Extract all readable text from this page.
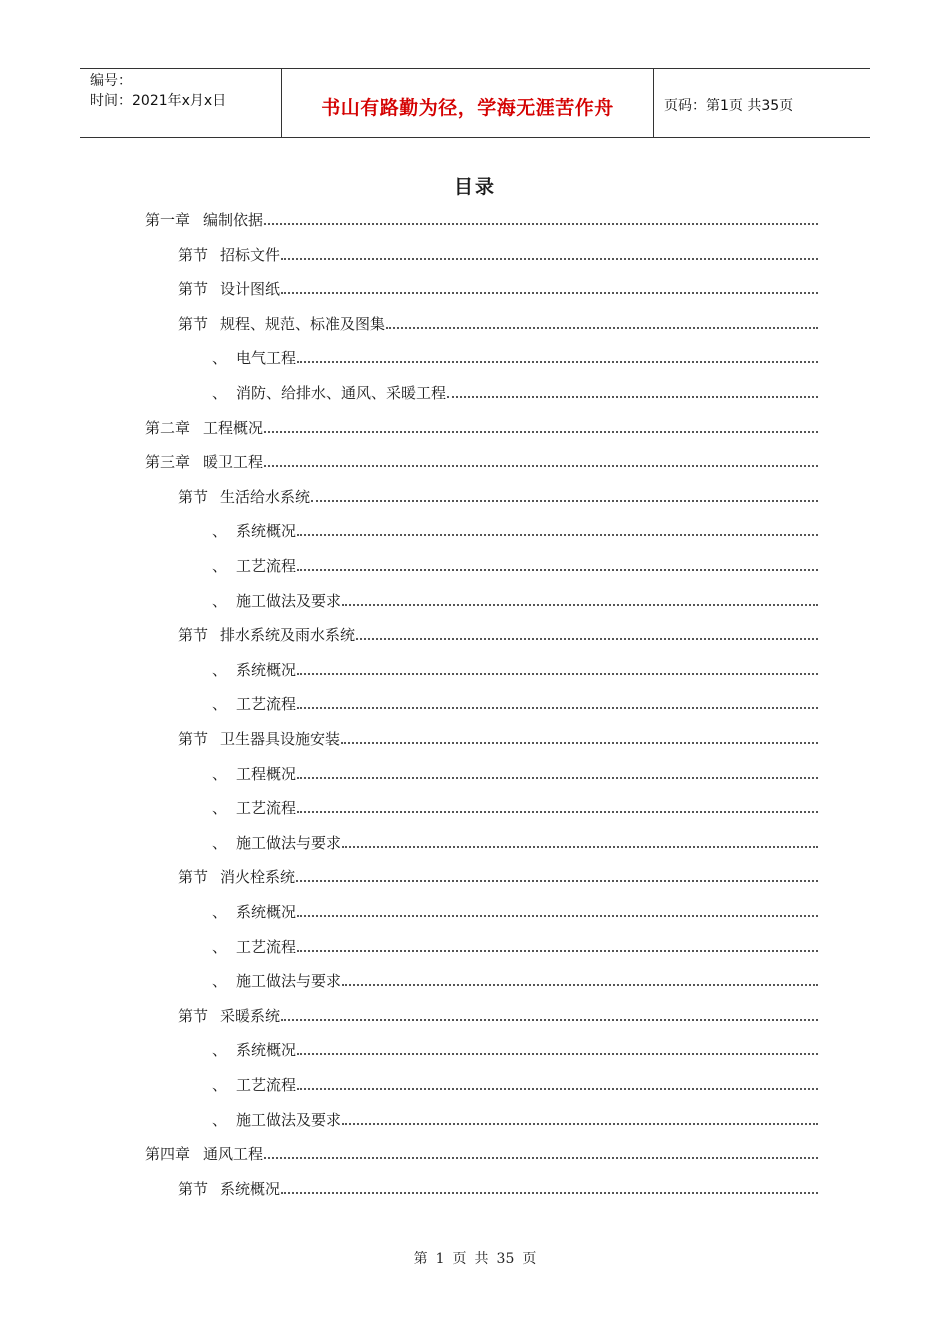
编号：
时间：2021年x月x日	书山有路勤为径，学海无涯苦作舟	页码：第1页 共35页
目录
第一章 编制依据
第节 招标文件
第节 设计图纸
第节 规程、规范、标准及图集
、 电气工程
、 消防、给排水、通风、采暖工程
第二章 工程概况
第三章 暖卫工程
第节 生活给水系统
、 系统概况
、 工艺流程
、 施工做法及要求
第节 排水系统及雨水系统
、 系统概况
、 工艺流程
第节 卫生器具设施安装
、 工程概况
、 工艺流程
、 施工做法与要求
第节 消火栓系统
、 系统概况
、 工艺流程
、 施工做法与要求
第节 采暖系统
、 系统概况
、 工艺流程
、 施工做法及要求
第四章 通风工程
第节 系统概况
第 1 页 共 35 页
